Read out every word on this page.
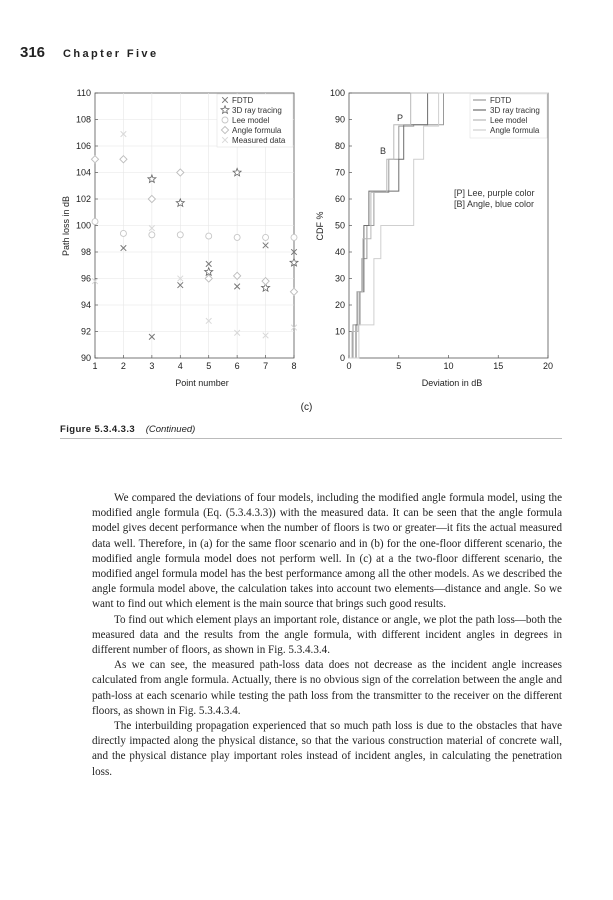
316 Chapter Five
90
92
94
96
98
100
102
104
106
108
110
1	2	3	4	5	6	7	8
Point number
Path loss in dB
FDTD
3D ray tracing
Lee model
Angle formula
Measured data
0
10
20
30
40
50
60
70
80
90
100
0	5	10	15	20
Deviation in dB
CDF %
P
B
[P] Lee, purple color
[B] Angle, blue color
FDTD
3D ray tracing
Lee model
Angle formula
(c)
Figure 5.3.4.3.3 (Continued)

We compared the deviations of four models, including the modified angle formula model, using the modified angle formula (Eq. (5.3.4.3.3)) with the measured data. It can be seen that the angle formula model gives decent performance when the number of floors is two or greater—it fits the actual measured data well. Therefore, in (a) for the same floor scenario and in (b) for the one-floor different scenario, the modified angle formula model does not perform well. In (c) at a the two-floor different scenario, the modified angel formula model has the best performance among all the other models. As we described the angle formula model above, the calculation takes into account two elements—distance and angle. So we want to find out which element is the main source that brings such good results.

To find out which element plays an important role, distance or angle, we plot the path loss—both the measured data and the results from the angle formula, with different incident angles in degrees in different number of floors, as shown in Fig. 5.3.4.3.4.

As we can see, the measured path-loss data does not decrease as the incident angle increases calculated from angle formula. Actually, there is no obvious sign of the correlation between the angle and path-loss at each scenario while testing the path loss from the transmitter to the receiver on the different floors, as shown in Fig. 5.3.4.3.4.

The interbuilding propagation experienced that so much path loss is due to the obstacles that have directly impacted along the physical distance, so that the various construction material of concrete wall, and the physical distance play important roles instead of incident angles, in calculating the penetration loss.
